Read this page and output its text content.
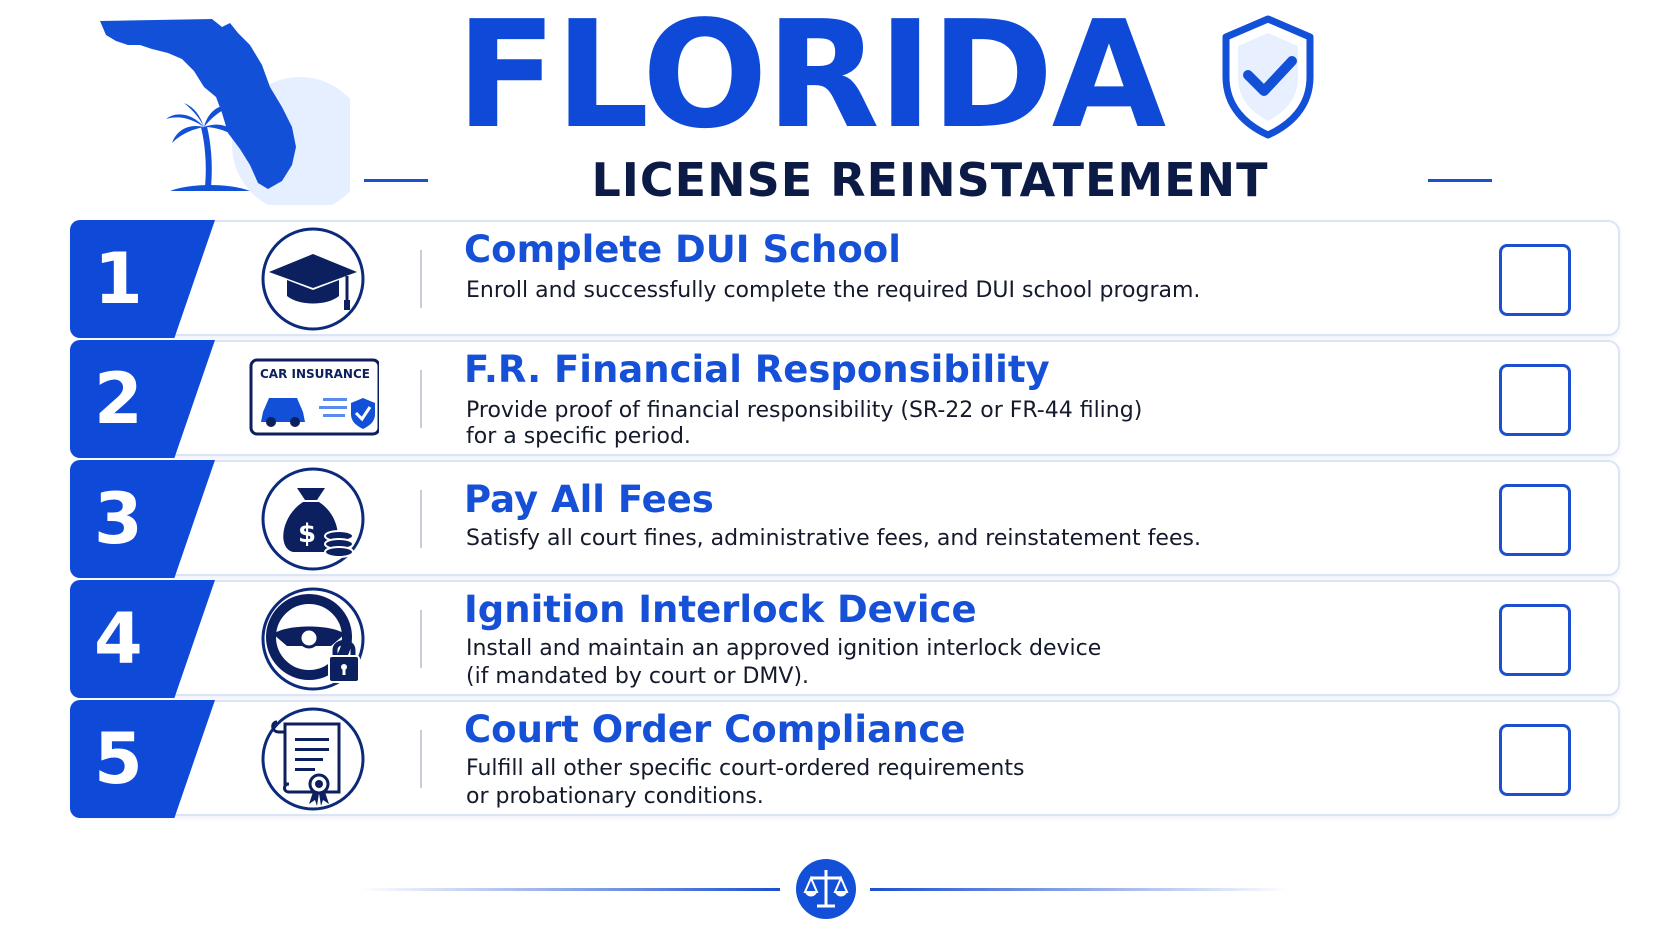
FLORIDA
LICENSE REINSTATEMENT
1	Complete DUI School
Enroll and successfully complete the required DUI school program.
2	CAR INSURANCE	F.R. Financial Responsibility
Provide proof of financial responsibility (SR-22 or FR-44 filing)
for a specific period.
3	$
Pay All Fees
Satisfy all court fines, administrative fees, and reinstatement fees.
4	Ignition Interlock Device
Install and maintain an approved ignition interlock device
(if mandated by court or DMV).
5	Court Order Compliance
Fulfill all other specific court-ordered requirements
or probationary conditions.
